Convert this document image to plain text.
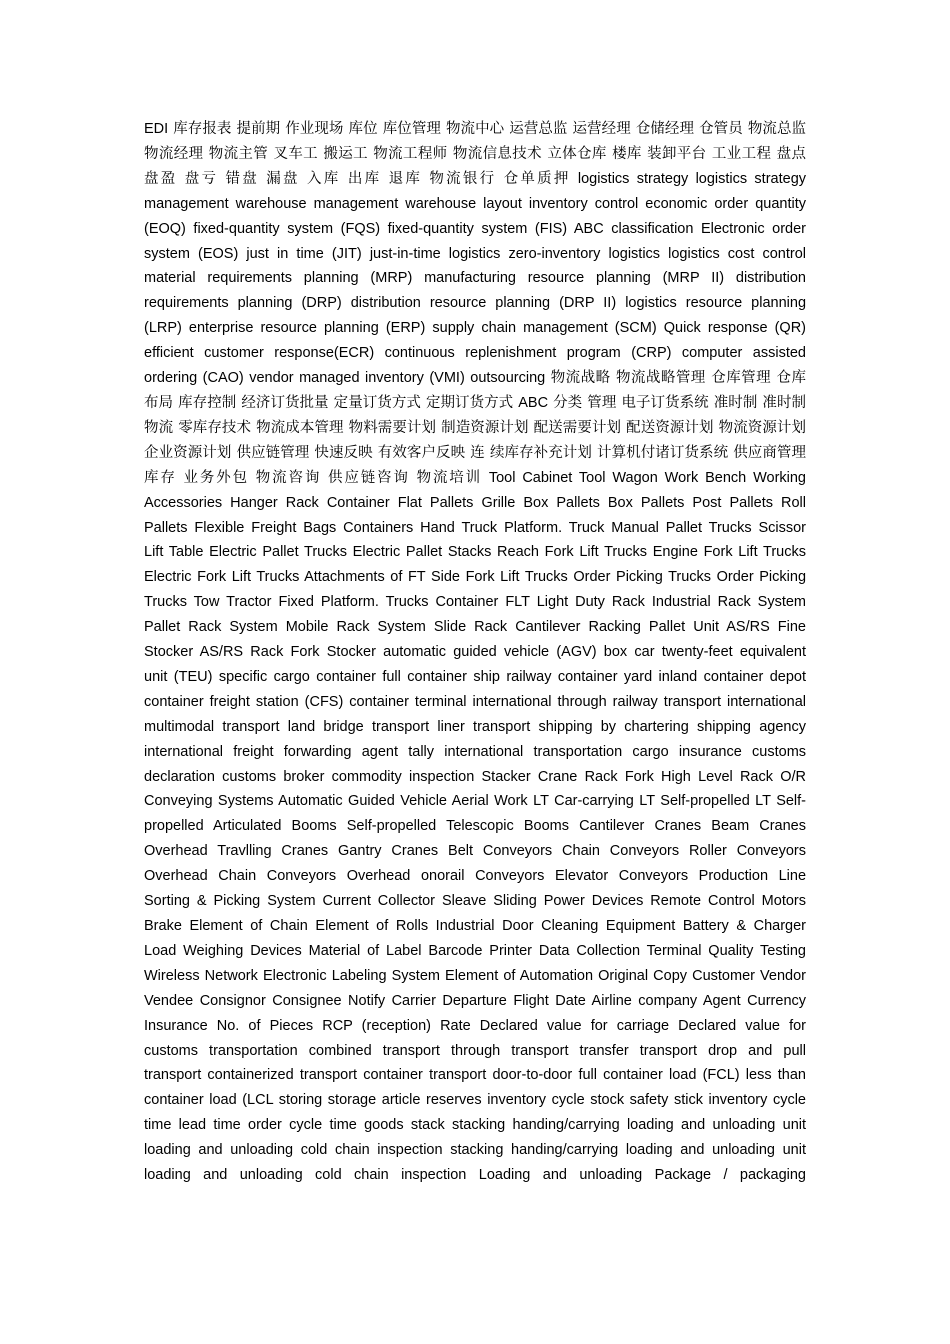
EDI 库存报表 提前期 作业现场 库位 库位管理 物流中心 运营总监 运营经理 仓储经理 仓管员 物流总监 物流经理 物流主管 叉车工 搬运工 物流工程师 物流信息技术 立体仓库 楼库 装卸平台 工业工程 盘点 盘盈 盘亏 错盘 漏盘 入库 出库 退库 物流银行 仓单质押 logistics strategy logistics strategy management warehouse management warehouse layout inventory control economic order quantity (EOQ) fixed-quantity system (FQS) fixed-quantity system (FIS) ABC classification Electronic order system (EOS) just in time (JIT) just-in-time logistics zero-inventory logistics logistics cost control material requirements planning (MRP) manufacturing resource planning (MRP II) distribution requirements planning (DRP) distribution resource planning (DRP II) logistics resource planning (LRP) enterprise resource planning (ERP) supply chain management (SCM) Quick response (QR) efficient customer response(ECR) continuous replenishment program (CRP) computer assisted ordering (CAO) vendor managed inventory (VMI) outsourcing 物流战略 物流战略管理 仓库管理 仓库布局 库存控制 经济订货批量 定量订货方式 定期订货方式 ABC 分类 管理 电子订货系统 准时制 准时制物流 零库存技术 物流成本管理 物料需要计划 制造资源计划 配送需要计划 配送资源计划 物流资源计划 企业资源计划 供应链管理 快速反映 有效客户反映 连 续库存补充计划 计算机付诸订货系统 供应商管理库存 业务外包 物流咨询 供应链咨询 物流培训 Tool Cabinet Tool Wagon Work Bench Working Accessories Hanger Rack Container Flat Pallets Grille Box Pallets Box Pallets Post Pallets Roll Pallets Flexible Freight Bags Containers Hand Truck Platform. Truck Manual Pallet Trucks Scissor Lift Table Electric Pallet Trucks Electric Pallet Stacks Reach Fork Lift Trucks Engine Fork Lift Trucks Electric Fork Lift Trucks Attachments of FT Side Fork Lift Trucks Order Picking Trucks Order Picking Trucks Tow Tractor Fixed Platform. Trucks Container FLT Light Duty Rack Industrial Rack System Pallet Rack System Mobile Rack System Slide Rack Cantilever Racking Pallet Unit AS/RS Fine Stocker AS/RS Rack Fork Stocker automatic guided vehicle (AGV) box car twenty-feet equivalent unit (TEU) specific cargo container full container ship railway container yard inland container depot container freight station (CFS) container terminal international through railway transport international multimodal transport land bridge transport liner transport shipping by chartering shipping agency international freight forwarding agent tally international transportation cargo insurance customs declaration customs broker commodity inspection Stacker Crane Rack Fork High Level Rack O/R Conveying Systems Automatic Guided Vehicle Aerial Work LT Car-carrying LT Self-propelled LT Self-propelled Articulated Booms Self-propelled Telescopic Booms Cantilever Cranes Beam Cranes Overhead Travlling Cranes Gantry Cranes Belt Conveyors Chain Conveyors Roller Conveyors Overhead Chain Conveyors Overhead onorail Conveyors Elevator Conveyors Production Line Sorting & Picking System Current Collector Sleave Sliding Power Devices Remote Control Motors Brake Element of Chain Element of Rolls Industrial Door Cleaning Equipment Battery & Charger Load Weighing Devices Material of Label Barcode Printer Data Collection Terminal Quality Testing Wireless Network Electronic Labeling System Element of Automation Original Copy Customer Vendor Vendee Consignor Consignee Notify Carrier Departure Flight Date Airline company Agent Currency Insurance No. of Pieces RCP (reception) Rate Declared value for carriage Declared value for customs transportation combined transport through transport transfer transport drop and pull transport containerized transport container transport door-to-door full container load (FCL) less than container load (LCL storing storage article reserves inventory cycle stock safety stick inventory cycle time lead time order cycle time goods stack stacking handing/carrying loading and unloading unit loading and unloading cold chain inspection stacking handing/carrying loading and unloading unit loading and unloading cold chain inspection Loading and unloading Package / packaging
